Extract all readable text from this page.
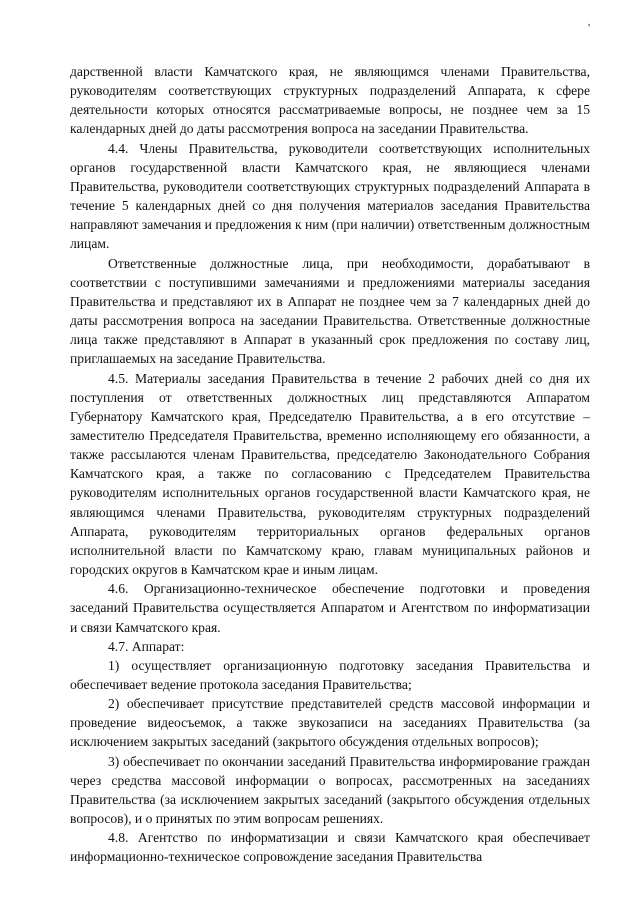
,

дарственной власти Камчатского края, не являющимся членами Правительства, руководителям соответствующих структурных подразделений Аппарата, к сфере деятельности которых относятся рассматриваемые вопросы, не позднее чем за 15 календарных дней до даты рассмотрения вопроса на заседании Правительства.

4.4. Члены Правительства, руководители соответствующих исполнительных органов государственной власти Камчатского края, не являющиеся членами Правительства, руководители соответствующих структурных подразделений Аппарата в течение 5 календарных дней со дня получения материалов заседания Правительства направляют замечания и предложения к ним (при наличии) ответственным должностным лицам.

Ответственные должностные лица, при необходимости, дорабатывают в соответствии с поступившими замечаниями и предложениями материалы заседания Правительства и представляют их в Аппарат не позднее чем за 7 календарных дней до даты рассмотрения вопроса на заседании Правительства. Ответственные должностные лица также представляют в Аппарат в указанный срок предложения по составу лиц, приглашаемых на заседание Правительства.

4.5. Материалы заседания Правительства в течение 2 рабочих дней со дня их поступления от ответственных должностных лиц представляются Аппаратом Губернатору Камчатского края, Председателю Правительства, а в его отсутствие – заместителю Председателя Правительства, временно исполняющему его обязанности, а также рассылаются членам Правительства, председателю Законодательного Собрания Камчатского края, а также по согласованию с Председателем Правительства руководителям исполнительных органов государственной власти Камчатского края, не являющимся членами Правительства, руководителям структурных подразделений Аппарата, руководителям территориальных органов федеральных органов исполнительной власти по Камчатскому краю, главам муниципальных районов и городских округов в Камчатском крае и иным лицам.

4.6. Организационно-техническое обеспечение подготовки и проведения заседаний Правительства осуществляется Аппаратом и Агентством по информатизации и связи Камчатского края.

4.7. Аппарат:

1) осуществляет организационную подготовку заседания Правительства и обеспечивает ведение протокола заседания Правительства;

2) обеспечивает присутствие представителей средств массовой информации и проведение видеосъемок, а также звукозаписи на заседаниях Правительства (за исключением закрытых заседаний (закрытого обсуждения отдельных вопросов);

3) обеспечивает по окончании заседаний Правительства информирование граждан через средства массовой информации о вопросах, рассмотренных на заседаниях Правительства (за исключением закрытых заседаний (закрытого обсуждения отдельных вопросов), и о принятых по этим вопросам решениях.

4.8. Агентство по информатизации и связи Камчатского края обеспечивает информационно-техническое сопровождение заседания Правительства
